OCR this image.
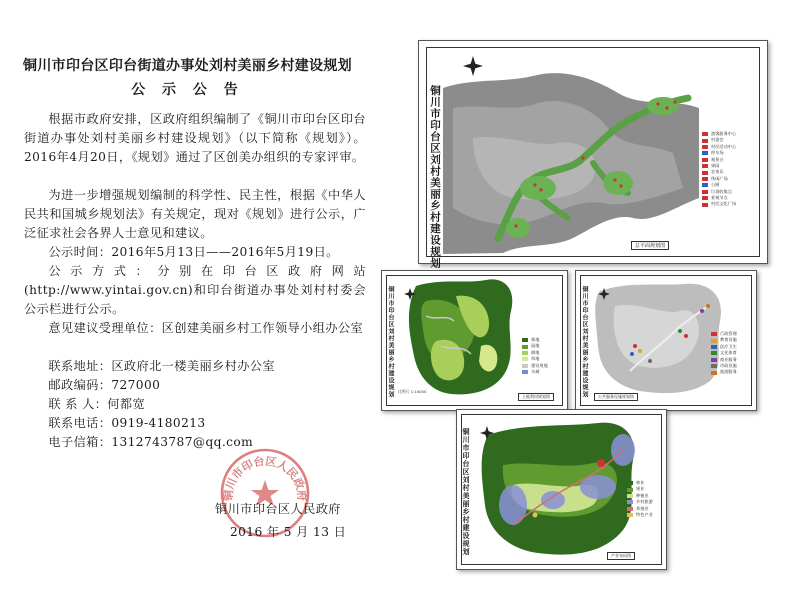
铜川市印台区印台街道办事处刘村美丽乡村建设规划
公 示 公 告
根据市政府安排，区政府组织编制了《铜川市印台区印台街道办事处刘村美丽乡村建设规划》（以下简称《规划》）。2016年4月20日，《规划》通过了区创美办组织的专家评审。
为进一步增强规划编制的科学性、民主性，根据《中华人民共和国城乡规划法》有关规定，现对《规划》进行公示，广泛征求社会各界人士意见和建议。
公示时间：2016年5月13日——2016年5月19日。
公示方式：分别在印台区政府网站(http://www.yintai.gov.cn)和印台街道办事处刘村村委会公示栏进行公示。
意见建议受理单位：区创建美丽乡村工作领导小组办公室
联系地址：区政府北一楼美丽乡村办公室
邮政编码：727000
联 系 人：何都宽
联系电话：0919-4180213
电子信箱：1312743787@qq.com
铜川市印台区人民政府
铜川市印台区人民政府
2016 年 5 月 13 日
铜川市印台区刘村美丽乡村建设规划	游客服务中心
村委会
村民活动中心
停车场
观景台
果园
农家乐
休闲广场
公厕
垃圾收集点
景观节点
村民文化广场
总平面规划图
铜川市印台区刘村美丽乡村建设规划	林地
园地
耕地
草地
建设用地
水域
比例尺 1:10000
土地利用规划图	铜川市印台区刘村美丽乡村建设规划	行政管理
教育设施
医疗卫生
文化体育
商业服务
市政设施
旅游服务
公共服务设施规划图
铜川市印台区刘村美丽乡村建设规划	林业
果业
种植业
乡村旅游
养殖业
特色产业
产业布局图
